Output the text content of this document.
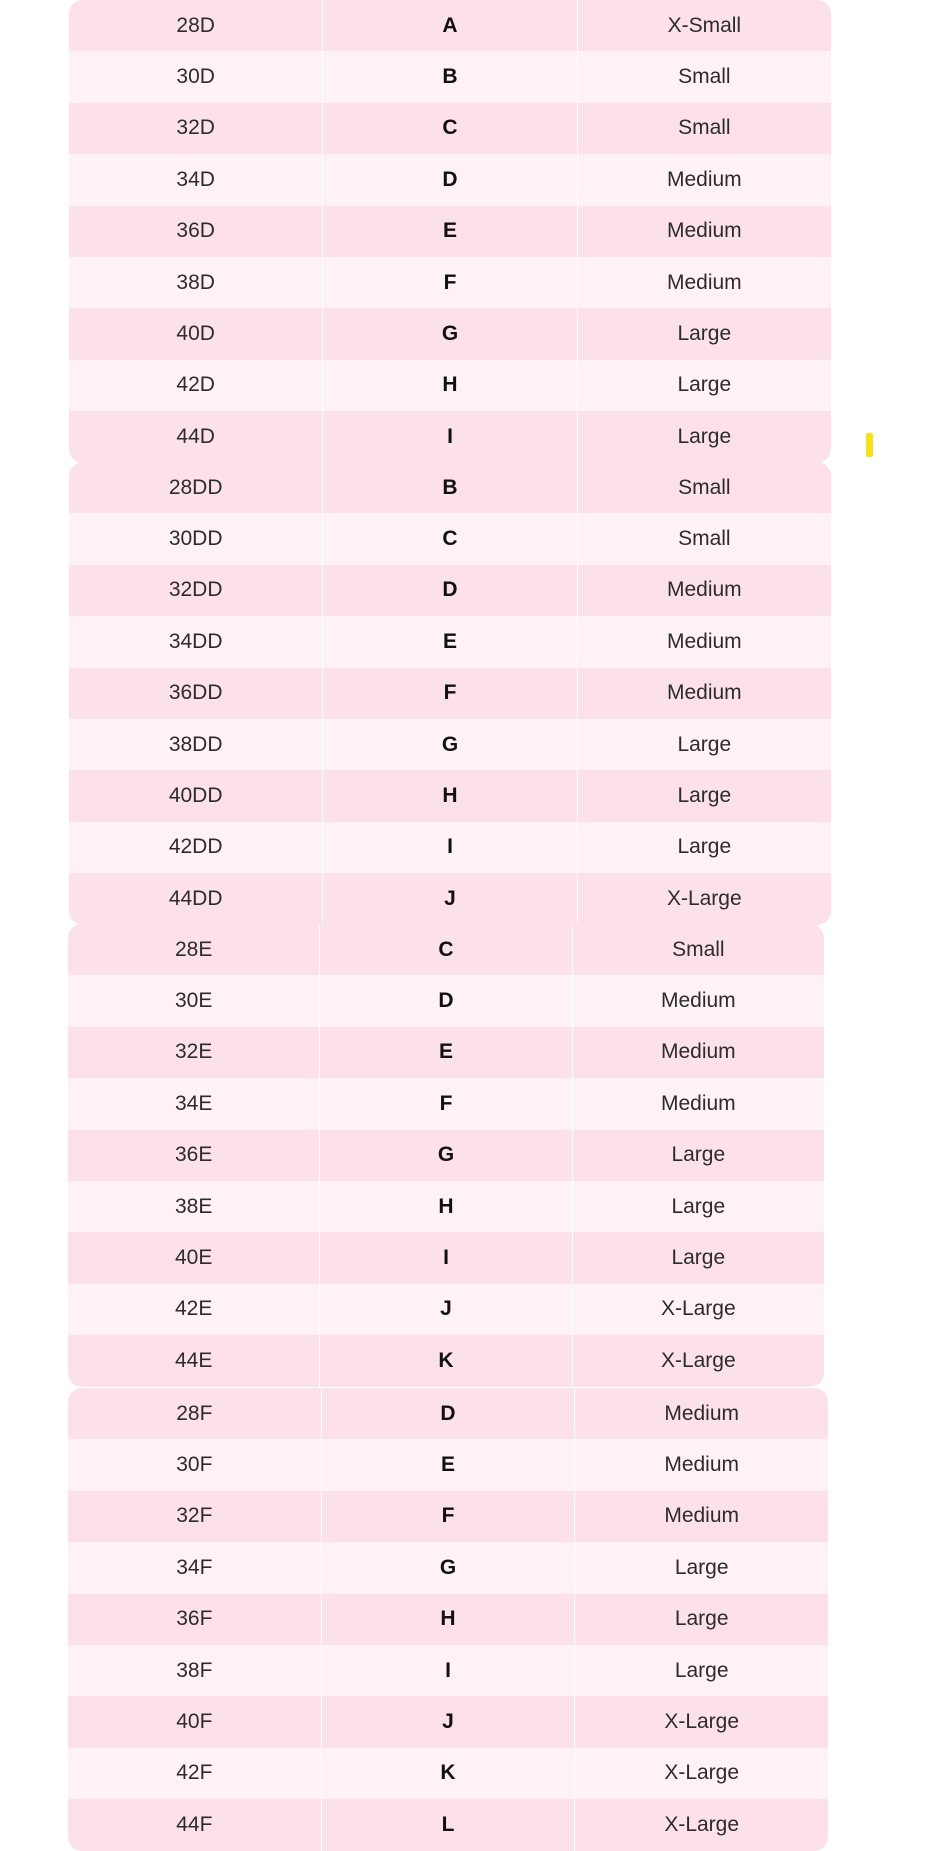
28D	A	X-Small
30D	B	Small
32D	C	Small
34D	D	Medium
36D	E	Medium
38D	F	Medium
40D	G	Large
42D	H	Large
44D	I	Large
28DD	B	Small
30DD	C	Small
32DD	D	Medium
34DD	E	Medium
36DD	F	Medium
38DD	G	Large
40DD	H	Large
42DD	I	Large
44DD	J	X-Large
28E	C	Small
30E	D	Medium
32E	E	Medium
34E	F	Medium
36E	G	Large
38E	H	Large
40E	I	Large
42E	J	X-Large
44E	K	X-Large
28F	D	Medium
30F	E	Medium
32F	F	Medium
34F	G	Large
36F	H	Large
38F	I	Large
40F	J	X-Large
42F	K	X-Large
44F	L	X-Large
